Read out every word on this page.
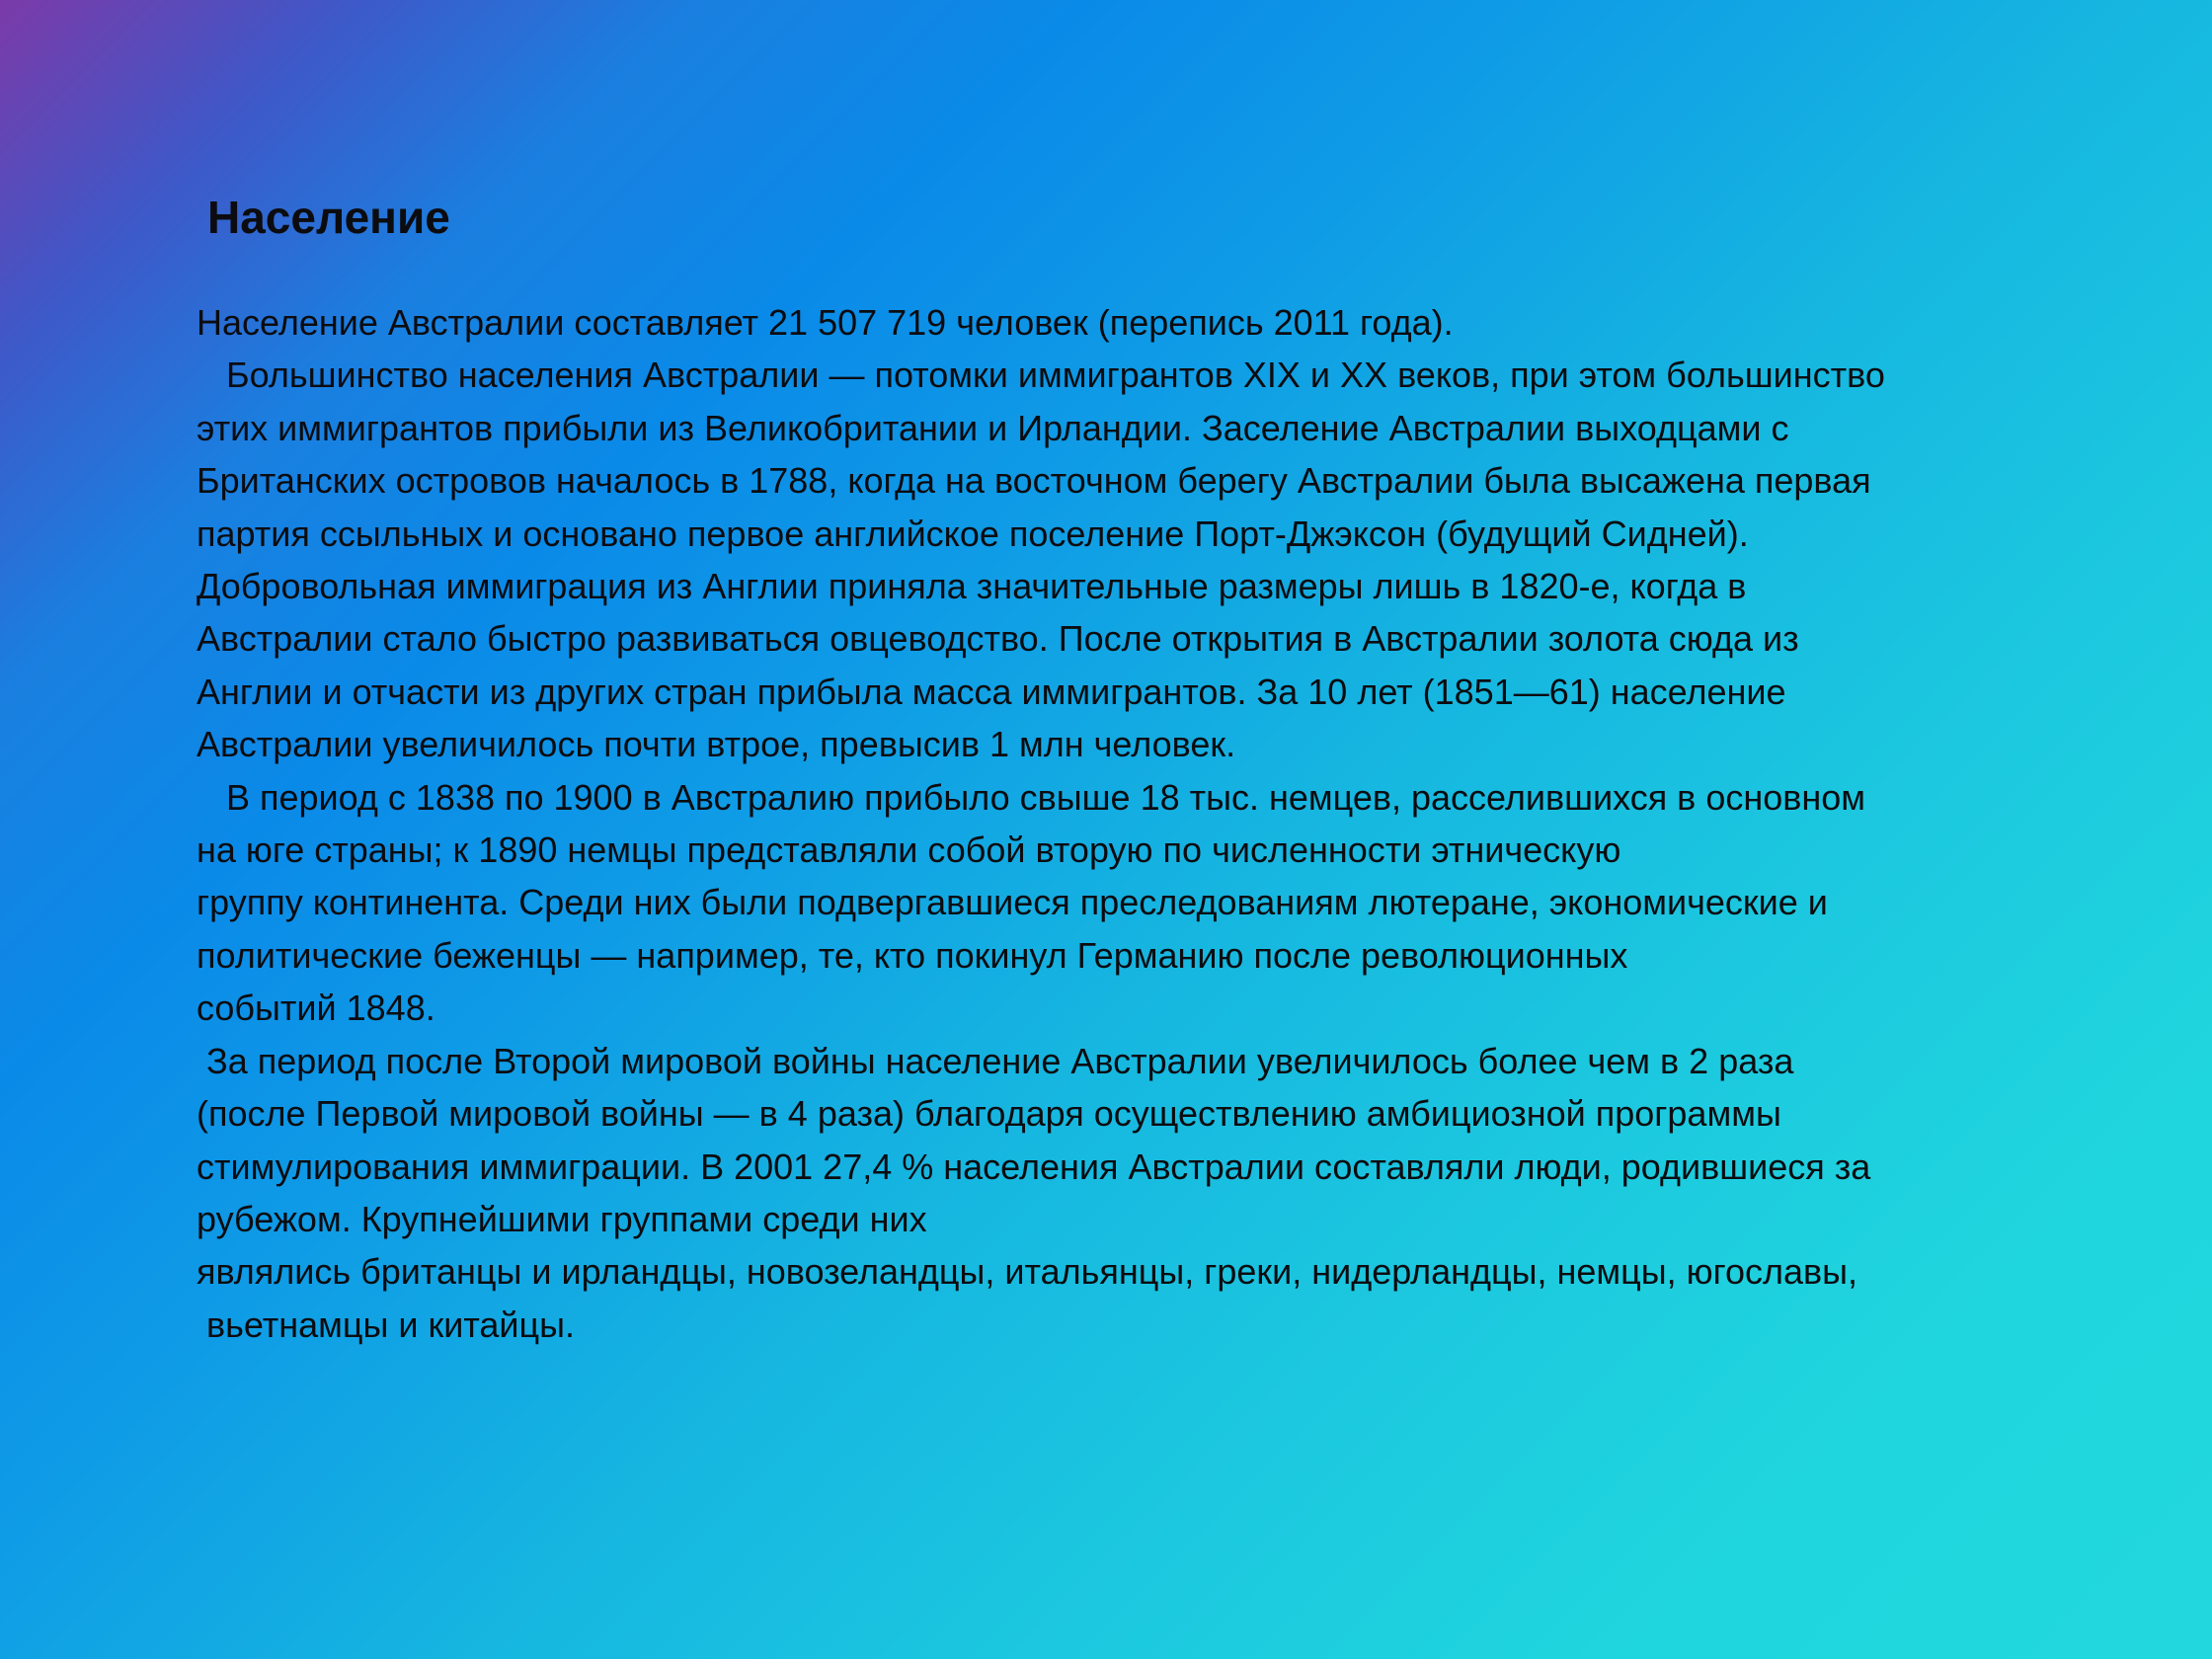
Население
Население Австралии составляет 21 507 719 человек (перепись 2011 года).
Большинство населения Австралии — потомки иммигрантов XIX и XX веков, при этом большинство
этих иммигрантов прибыли из Великобритании и Ирландии. Заселение Австралии выходцами с
Британских островов началось в 1788, когда на восточном берегу Австралии была высажена первая
партия ссыльных и основано первое английское поселение Порт-Джэксон (будущий Сидней).
Добровольная иммиграция из Англии приняла значительные размеры лишь в 1820-е, когда в
Австралии стало быстро развиваться овцеводство. После открытия в Австралии золота сюда из
Англии и отчасти из других стран прибыла масса иммигрантов. За 10 лет (1851—61) население
Австралии увеличилось почти втрое, превысив 1 млн человек.
В период с 1838 по 1900 в Австралию прибыло свыше 18 тыс. немцев, расселившихся в основном
на юге страны; к 1890 немцы представляли собой вторую по численности этническую
группу континента. Среди них были подвергавшиеся преследованиям лютеране, экономические и
политические беженцы — например, те, кто покинул Германию после революционных
событий 1848.
За период после Второй мировой войны население Австралии увеличилось более чем в 2 раза
(после Первой мировой войны — в 4 раза) благодаря осуществлению амбициозной программы
стимулирования иммиграции. В 2001 27,4 % населения Австралии составляли люди, родившиеся за
рубежом. Крупнейшими группами среди них
являлись британцы и ирландцы, новозеландцы, итальянцы, греки, нидерландцы, немцы, югославы,
вьетнамцы и китайцы.
